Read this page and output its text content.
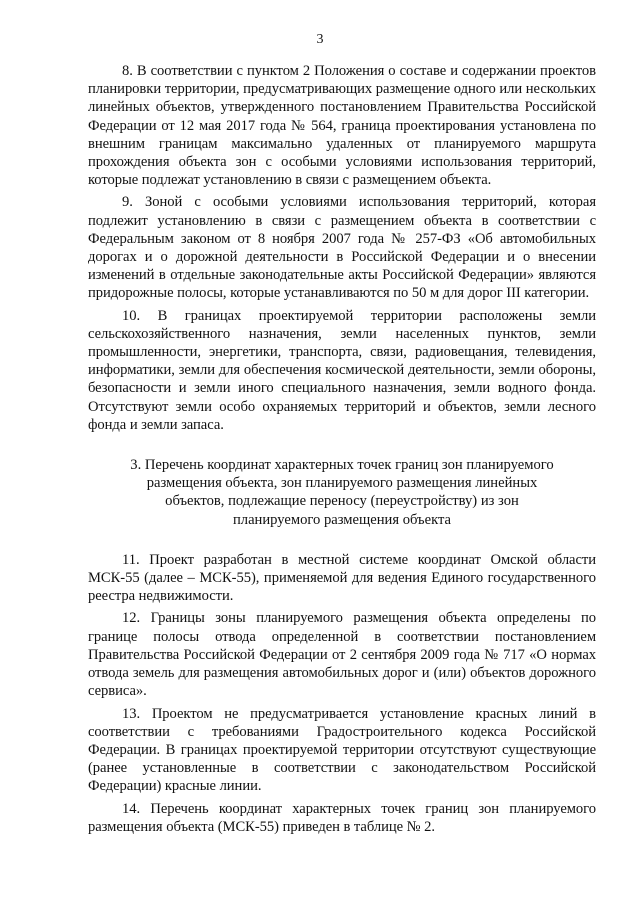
3

8. В соответствии с пунктом 2 Положения о составе и содержании проектов планировки территории, предусматривающих размещение одного или нескольких линейных объектов, утвержденного постановлением Правительства Российской Федерации от 12 мая 2017 года № 564, граница проектирования установлена по внешним границам максимально удаленных от планируемого маршрута прохождения объекта зон с особыми условиями использования территорий, которые подлежат установлению в связи с размещением объекта.

9. Зоной с особыми условиями использования территорий, которая подлежит установлению в связи с размещением объекта в соответствии с Федеральным законом от 8 ноября 2007 года № 257-ФЗ «Об автомобильных дорогах и о дорожной деятельности в Российской Федерации и о внесении изменений в отдельные законодательные акты Российской Федерации» являются придорожные полосы, которые устанавливаются по 50 м для дорог III категории.

10. В границах проектируемой территории расположены земли сельскохозяйственного назначения, земли населенных пунктов, земли промышленности, энергетики, транспорта, связи, радиовещания, телевидения, информатики, земли для обеспечения космической деятельности, земли обороны, безопасности и земли иного специального назначения, земли водного фонда. Отсутствуют земли особо охраняемых территорий и объектов, земли лесного фонда и земли запаса.

3. Перечень координат характерных точек границ зон планируемого
размещения объекта, зон планируемого размещения линейных
объектов, подлежащие переносу (переустройству) из зон
планируемого размещения объекта

11. Проект разработан в местной системе координат Омской области МСК-55 (далее – МСК-55), применяемой для ведения Единого государственного реестра недвижимости.

12. Границы зоны планируемого размещения объекта определены по границе полосы отвода определенной в соответствии постановлением Правительства Российской Федерации от 2 сентября 2009 года № 717 «О нормах отвода земель для размещения автомобильных дорог и (или) объектов дорожного сервиса».

13. Проектом не предусматривается установление красных линий в соответствии с требованиями Градостроительного кодекса Российской Федерации. В границах проектируемой территории отсутствуют существующие (ранее установленные в соответствии с законодательством Российской Федерации) красные линии.

14. Перечень координат характерных точек границ зон планируемого размещения объекта (МСК-55) приведен в таблице № 2.
